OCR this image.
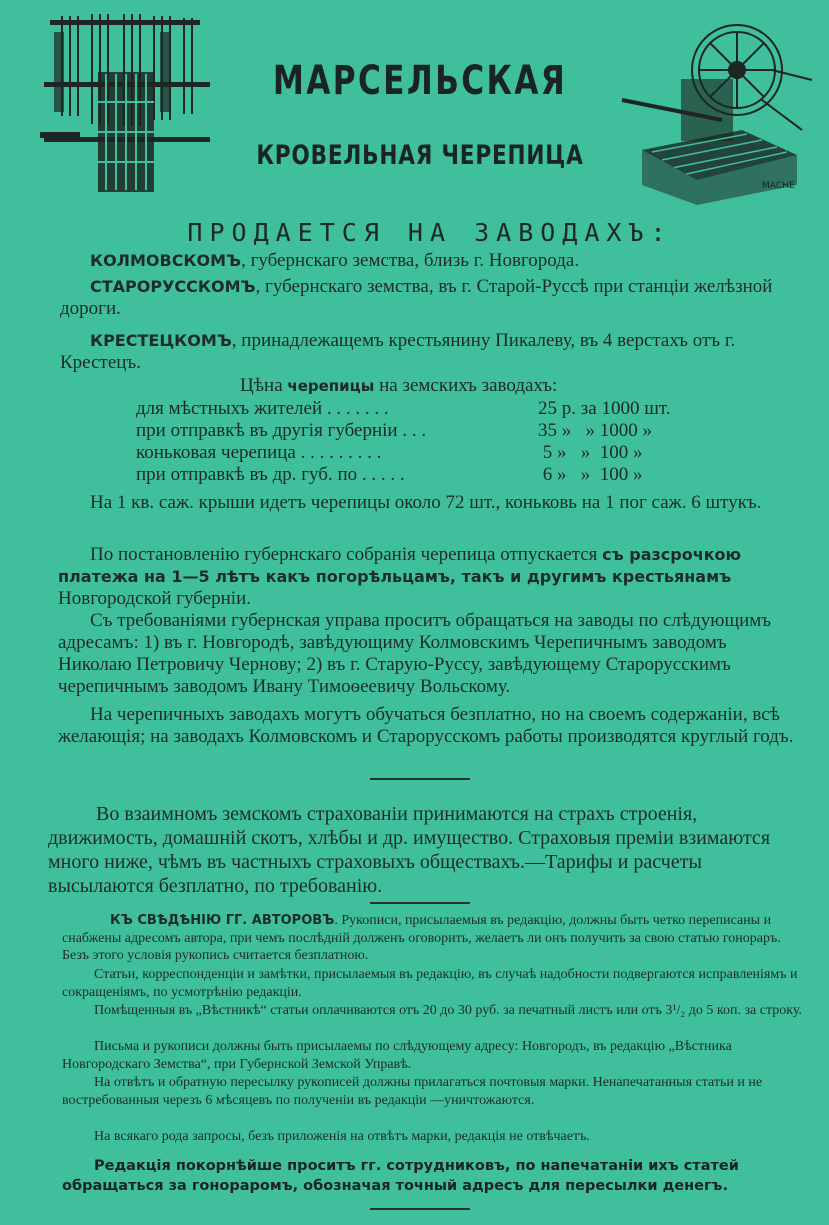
МАСНЕ
МАРСЕЛЬСКАЯ
КРОВЕЛЬНАЯ ЧЕРЕПИЦА
ПРОДАЕТСЯ НА ЗАВОДАХЪ:
КОЛМОВСКОМЪ, губернскаго земства, близь г. Новгорода.
СТАРОРУССКОМЪ, губернскаго земства, въ г. Старой-Руссѣ при станціи желѣзной дороги.
КРЕСТЕЦКОМЪ, принадлежащемъ крестьянину Пикалеву, въ 4 верстахъ отъ г. Крестецъ.
Цѣна черепицы на земскихъ заводахъ:
для мѣстныхъ жителей . . . . . . .	25 р. за 1000 шт.
при отправкѣ въ другія губерніи . . .	35 »   » 1000 »
коньковая черепица . . . . . . . . .	5 »   »  100 »
при отправкѣ въ др. губ. по . . . . .	6 »   »  100 »
На 1 кв. саж. крыши идетъ черепицы около 72 шт., коньковь на 1 пог саж. 6 штукъ.
По постановленію губернскаго собранія черепица отпускается съ разсрочкою платежа на 1—5 лѣтъ какъ погорѣльцамъ, такъ и другимъ крестьянамъ Новгородской губерніи.
Съ требованіями губернская управа проситъ обращаться на заводы по слѣдующимъ адресамъ: 1) въ г. Новгородѣ, завѣдующиму Колмовскимъ Черепичнымъ заводомъ Николаю Петровичу Чернову; 2) въ г. Старую-Руссу, завѣдующему Старорусскимъ черепичнымъ заводомъ Ивану Тимоѳеевичу Вольскому.
На черепичныхъ заводахъ могутъ обучаться безплатно, но на своемъ содержаніи, всѣ желающія; на заводахъ Колмовскомъ и Старорусскомъ работы производятся круглый годъ.
Во взаимномъ земскомъ страхованіи принимаются на страхъ строенія, движимость, домашній скотъ, хлѣбы и др. имущество. Страховыя преміи взимаются много ниже, чѣмъ въ частныхъ страховыхъ обществахъ.—Тарифы и расчеты высылаются безплатно, по требованію.
КЪ СВѢДѢНІЮ ГГ. АВТОРОВЪ. Рукописи, присылаемыя въ редакцію, должны быть четко переписаны и снабжены адресомъ автора, при чемъ послѣдній долженъ оговорить, желаетъ ли онъ получить за свою статью гонораръ. Безъ этого условія рукопись считается безплатною.
Статьи, корреспонденціи и замѣтки, присылаемыя въ редакцію, въ случаѣ надобности подвергаются исправленіямъ и сокращеніямъ, по усмотрѣнію редакціи.
Помѣщенныя въ „Вѣстникѣ“ статьи оплачиваются отъ 20 до 30 руб. за печатный листъ или отъ 3¹/₂ до 5 коп. за строку.
Письма и рукописи должны быть присылаемы по слѣдующему адресу: Новгородъ, въ редакцію „Вѣстника Новгородскаго Земства“, при Губернской Земской Управѣ.
На отвѣтъ и обратную пересылку рукописей должны прилагаться почтовыя марки. Ненапечатанныя статьи и не востребованныя черезъ 6 мѣсяцевъ по полученіи въ редакціи —уничтожаются.
На всякаго рода запросы, безъ приложенія на отвѣтъ марки, редакція не отвѣчаетъ.
Редакція покорнѣйше проситъ гг. сотрудниковъ, по напечатаніи ихъ статей обращаться за гонораромъ, обозначая точный адресъ для пересылки денегъ.
